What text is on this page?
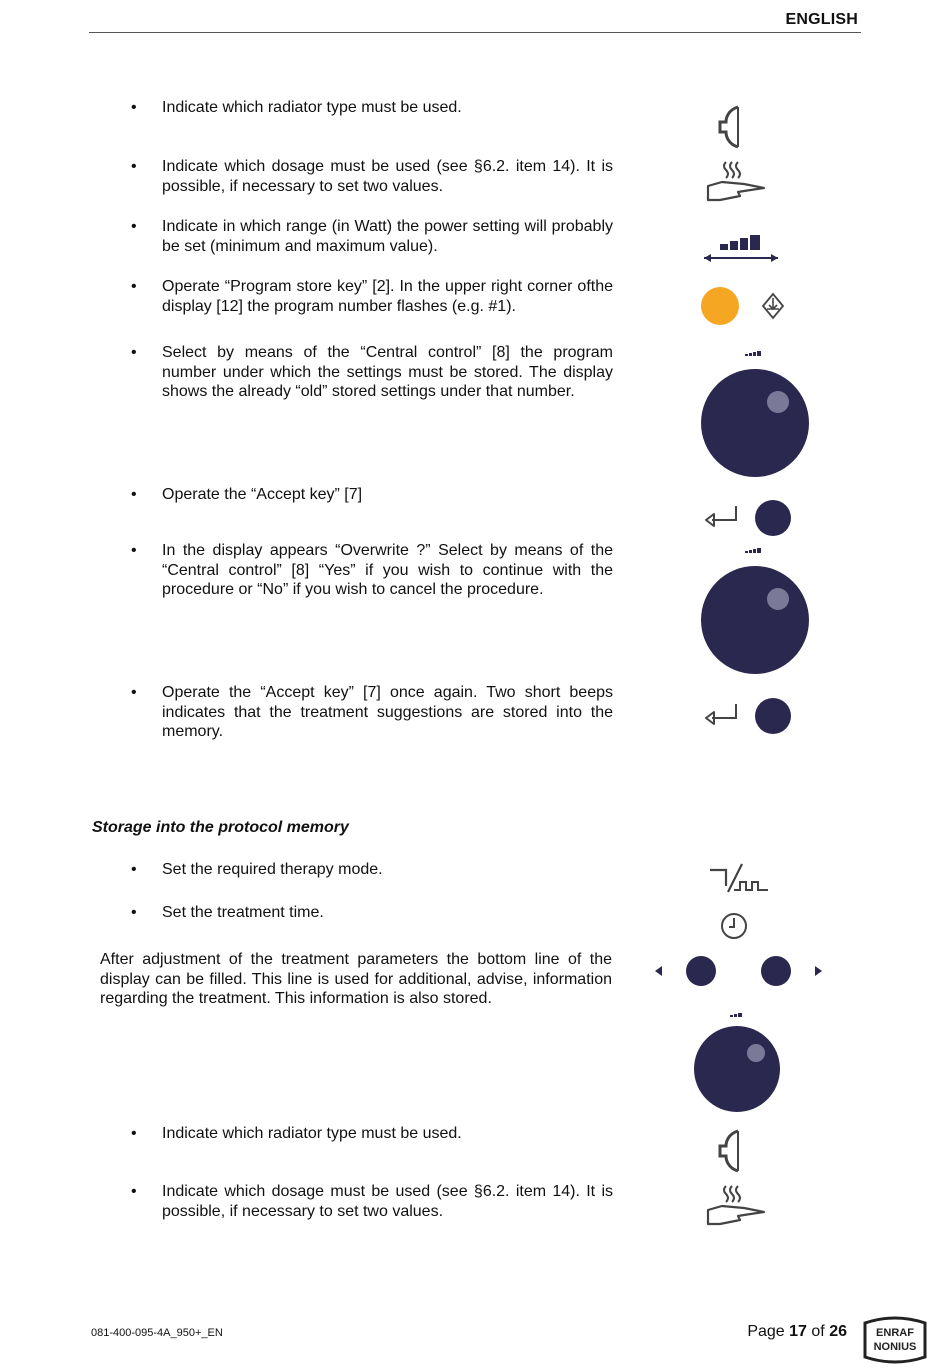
ENGLISH
• Indicate which radiator type must be used.
• Indicate which dosage must be used (see §6.2. item 14). It is possible, if necessary to set two values.
• Indicate in which range (in Watt) the power setting will probably be set (minimum and maximum value).
• Operate “Program store key” [2]. In the upper right corner ofthe display [12] the program number flashes (e.g. #1).
• Select by means of the “Central control” [8] the program number under which the settings must be stored. The display shows the already “old” stored settings under that number.
• Operate the “Accept key” [7]
• In the display appears “Overwrite ?” Select by means of the “Central control” [8] “Yes” if you wish to continue with the procedure or “No” if you wish to cancel the procedure.
• Operate the “Accept key” [7] once again. Two short beeps indicates that the treatment suggestions are stored into the memory.
Storage into the protocol memory
• Set the required therapy mode.
• Set the treatment time.
After adjustment of the treatment parameters the bottom line of the display can be filled. This line is used for additional, advise, information regarding the treatment. This information is also stored.
• Indicate which radiator type must be used.
• Indicate which dosage must be used (see §6.2. item 14). It is possible, if necessary to set two values.
081-400-095-4A_950+_EN	Page 17 of 26	ENRAF
NONIUS
